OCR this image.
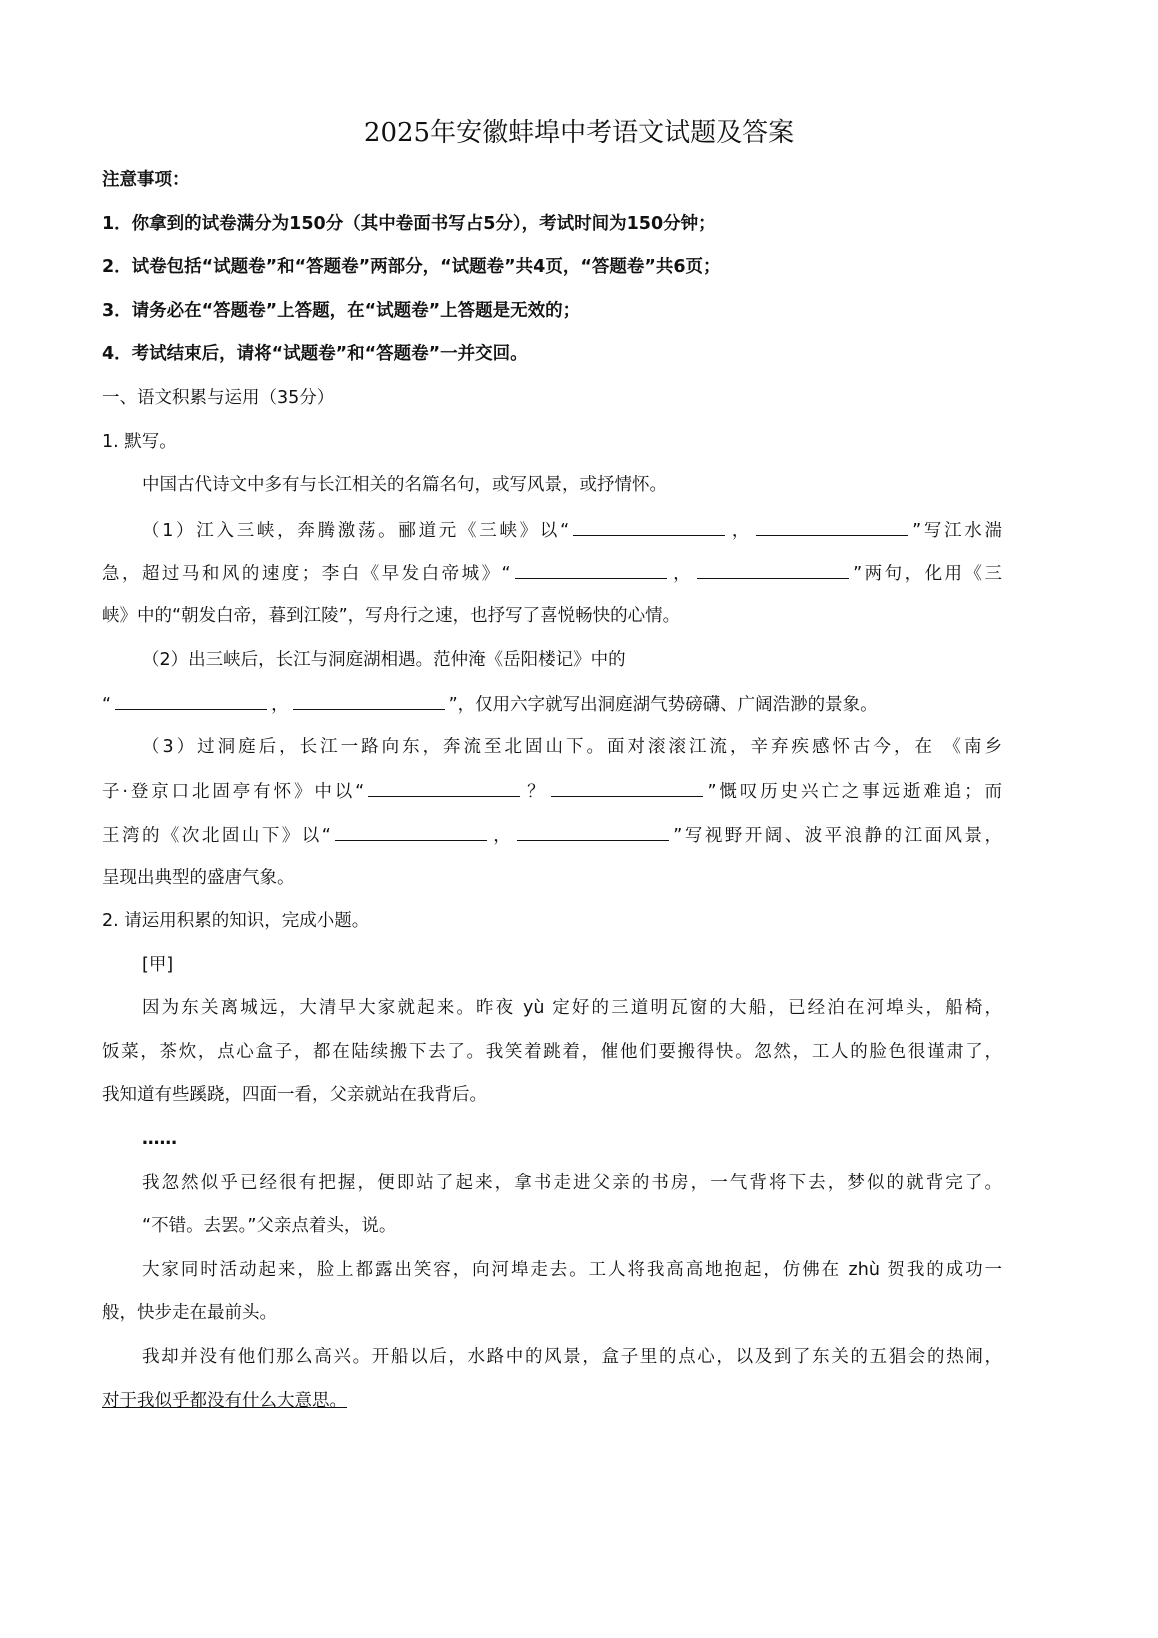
2025年安徽蚌埠中考语文试题及答案
注意事项：
1．你拿到的试卷满分为150分（其中卷面书写占5分），考试时间为150分钟；
2．试卷包括“试题卷”和“答题卷”两部分，“试题卷”共4页，“答题卷”共6页；
3．请务必在“答题卷”上答题，在“试题卷”上答题是无效的；
4．考试结束后，请将“试题卷”和“答题卷”一并交回。
一、语文积累与运用（35分）
1. 默写。
中国古代诗文中多有与长江相关的名篇名句，或写风景，或抒情怀。
（1）江入三峡，奔腾激荡。郦道元《三峡》以“	，	”写江水湍
急，超过马和风的速度；李白《早发白帝城》“	，	”两句，化用《三
峡》中的“朝发白帝，暮到江陵”，写舟行之速，也抒写了喜悦畅快的心情。
（2）出三峡后，长江与洞庭湖相遇。范仲淹《岳阳楼记》中的
“	，	”，仅用六字就写出洞庭湖气势磅礴、广阔浩渺的景象。
（3）过洞庭后，长江一路向东，奔流至北固山下。面对滚滚江流，辛弃疾感怀古今，在 《南乡
子·登京口北固亭有怀》中以“	？	”慨叹历史兴亡之事远逝难追；而
王湾的《次北固山下》以“	，	”写视野开阔、波平浪静的江面风景，
呈现出典型的盛唐气象。
2. 请运用积累的知识，完成小题。
[甲]
因为东关离城远，大清早大家就起来。昨夜 yù 定好的三道明瓦窗的大船，已经泊在河埠头，船椅，
饭菜，茶炊，点心盒子，都在陆续搬下去了。我笑着跳着，催他们要搬得快。忽然，工人的脸色很谨肃了，
我知道有些蹊跷，四面一看，父亲就站在我背后。
……
我忽然似乎已经很有把握，便即站了起来，拿书走进父亲的书房，一气背将下去，梦似的就背完了。
“不错。去罢。”父亲点着头，说。
大家同时活动起来，脸上都露出笑容，向河埠走去。工人将我高高地抱起，仿佛在 zhù 贺我的成功一
般，快步走在最前头。
我却并没有他们那么高兴。开船以后，水路中的风景，盒子里的点心，以及到了东关的五猖会的热闹，
对于我似乎都没有什么大意思。
